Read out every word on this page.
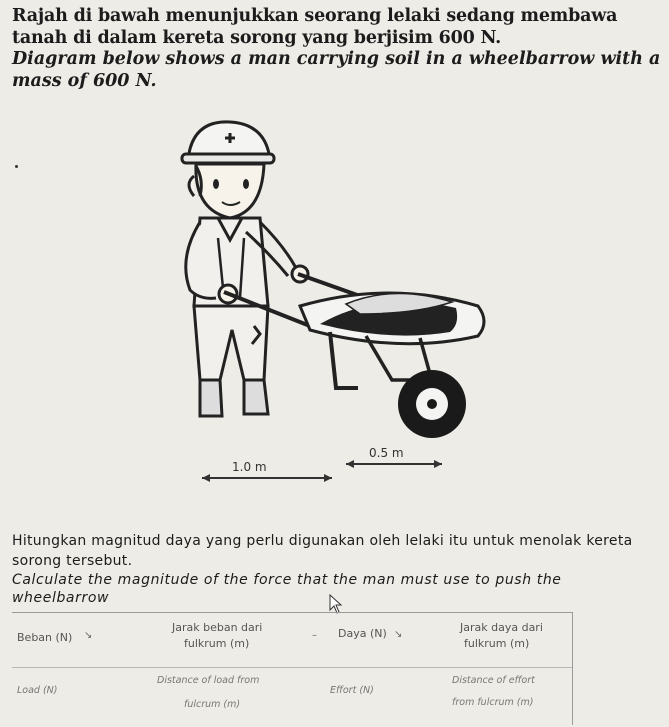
Rajah di bawah menunjukkan seorang lelaki sedang membawa tanah di dalam kereta sorong yang berjisim 600 N.
Diagram below shows a man carrying soil in a wheelbarrow with a mass of 600 N.
0.5 m
1.0 m
Hitungkan magnitud daya yang perlu digunakan oleh lelaki itu untuk menolak kereta sorong tersebut.
Calculate the magnitude of the force that the man must use to push the wheelbarrow
Beban (N) ↘
Jarak beban dari
fulkrum (m)
– Daya (N) ↘
Jarak daya dari
fulkrum (m)
Load (N)
Distance of load from
fulcrum (m)
Effort (N)
Distance of effort
from fulcrum (m)
